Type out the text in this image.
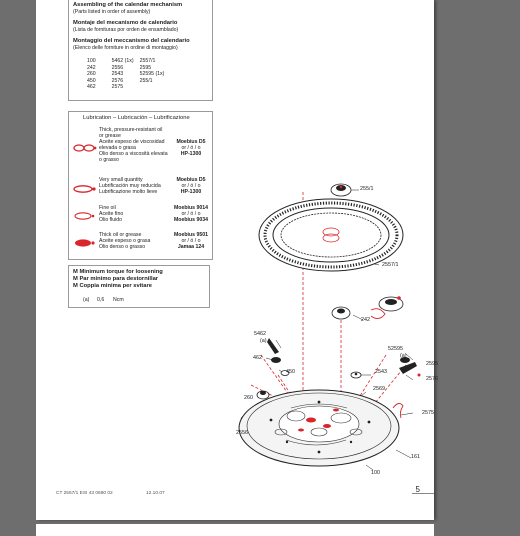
Assembling of the calendar mechanism
(Parts listed in order of assembly)
Montaje del mecanismo de calendario
(Lista de fornituras por orden de ensamblado)
Montaggio del meccanismo del calendario
(Elenco delle forniture in ordine di montaggio)
100	5462 (1x)	2557/1
242	2556	2595
260	2543	52595 (1x)
450	2576	255/1
462	2575	
Lubrication – Lubricación – Lubrificazione
Thick, pressure-resistant oil
or grease
Aceite espeso de viscosidad
elevada o grasa
Olio denso a viscosità elevata
o grasso
Moebius D5
or / ó / o
HP-1300
Very small quantity
Lubrificación muy reducida
Lubrificazione molto lieve
Moebius D5
or / ó / o
HP-1300
Fine oil
Aceite fino
Olio fluido
Moebius 9014
or / ó / o
Moebius 9034
Thick oil or grease
Aceite espeso o grasa
Olio denso o grasso
Moebius 9501
or / ó / o
Jamaa 124
M Minimum torque for loosening
M Par mínimo para destornillar
M Coppia minima per svitare
(a) 0,6 Ncm
255/1
2557/1
242
5462
(a)
462
450	2543
52595
(a)
2595
2576
2569
260
2556
2575
161
100
CT 2557/1 ESI 43 0680 02	12.10.07	5
